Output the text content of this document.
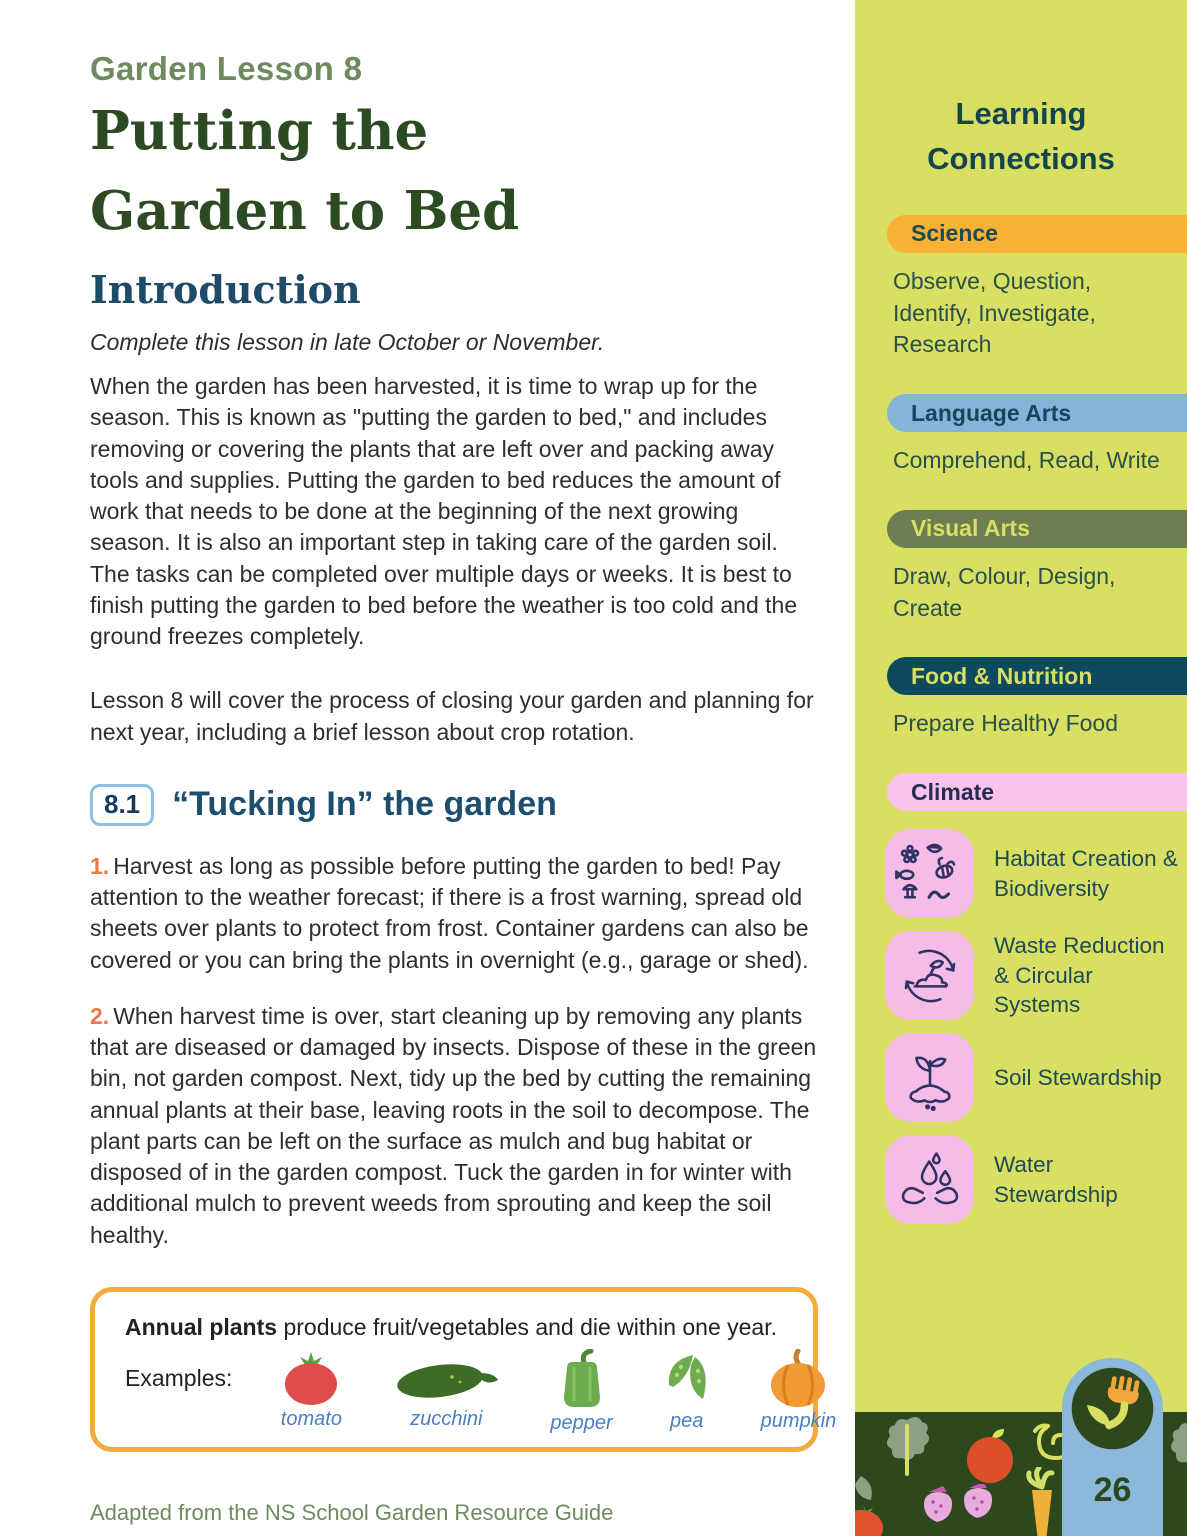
Garden Lesson 8
Putting the
Garden to Bed
Introduction
Complete this lesson in late October or November.

When the garden has been harvested, it is time to wrap up for the season. This is known as "putting the garden to bed," and includes removing or covering the plants that are left over and packing away tools and supplies. Putting the garden to bed reduces the amount of work that needs to be done at the beginning of the next growing season. It is also an important step in taking care of the garden soil. The tasks can be completed over multiple days or weeks. It is best to finish putting the garden to bed before the weather is too cold and the ground freezes completely.

Lesson 8 will cover the process of closing your garden and planning for next year, including a brief lesson about crop rotation.

8.1 “Tucking In” the garden

1. Harvest as long as possible before putting the garden to bed! Pay attention to the weather forecast; if there is a frost warning, spread old sheets over plants to protect from frost. Container gardens can also be covered or you can bring the plants in overnight (e.g., garage or shed).

2. When harvest time is over, start cleaning up by removing any plants that are diseased or damaged by insects. Dispose of these in the green bin, not garden compost. Next, tidy up the bed by cutting the remaining annual plants at their base, leaving roots in the soil to decompose. The plant parts can be left on the surface as mulch and bug habitat or disposed of in the garden compost. Tuck the garden in for winter with additional mulch to prevent weeds from sprouting and keep the soil healthy.

Annual plants produce fruit/vegetables and die within one year.
Examples:
tomato	zucchini	pepper	pea	pumpkin
Adapted from the NS School Garden Resource Guide
Learning Connections
Science

Observe, Question, Identify, Investigate, Research

Language Arts

Comprehend, Read, Write

Visual Arts

Draw, Colour, Design, Create

Food & Nutrition

Prepare Healthy Food

Climate
Habitat Creation & Biodiversity
Waste Reduction & Circular Systems
Soil Stewardship
Water Stewardship
26
